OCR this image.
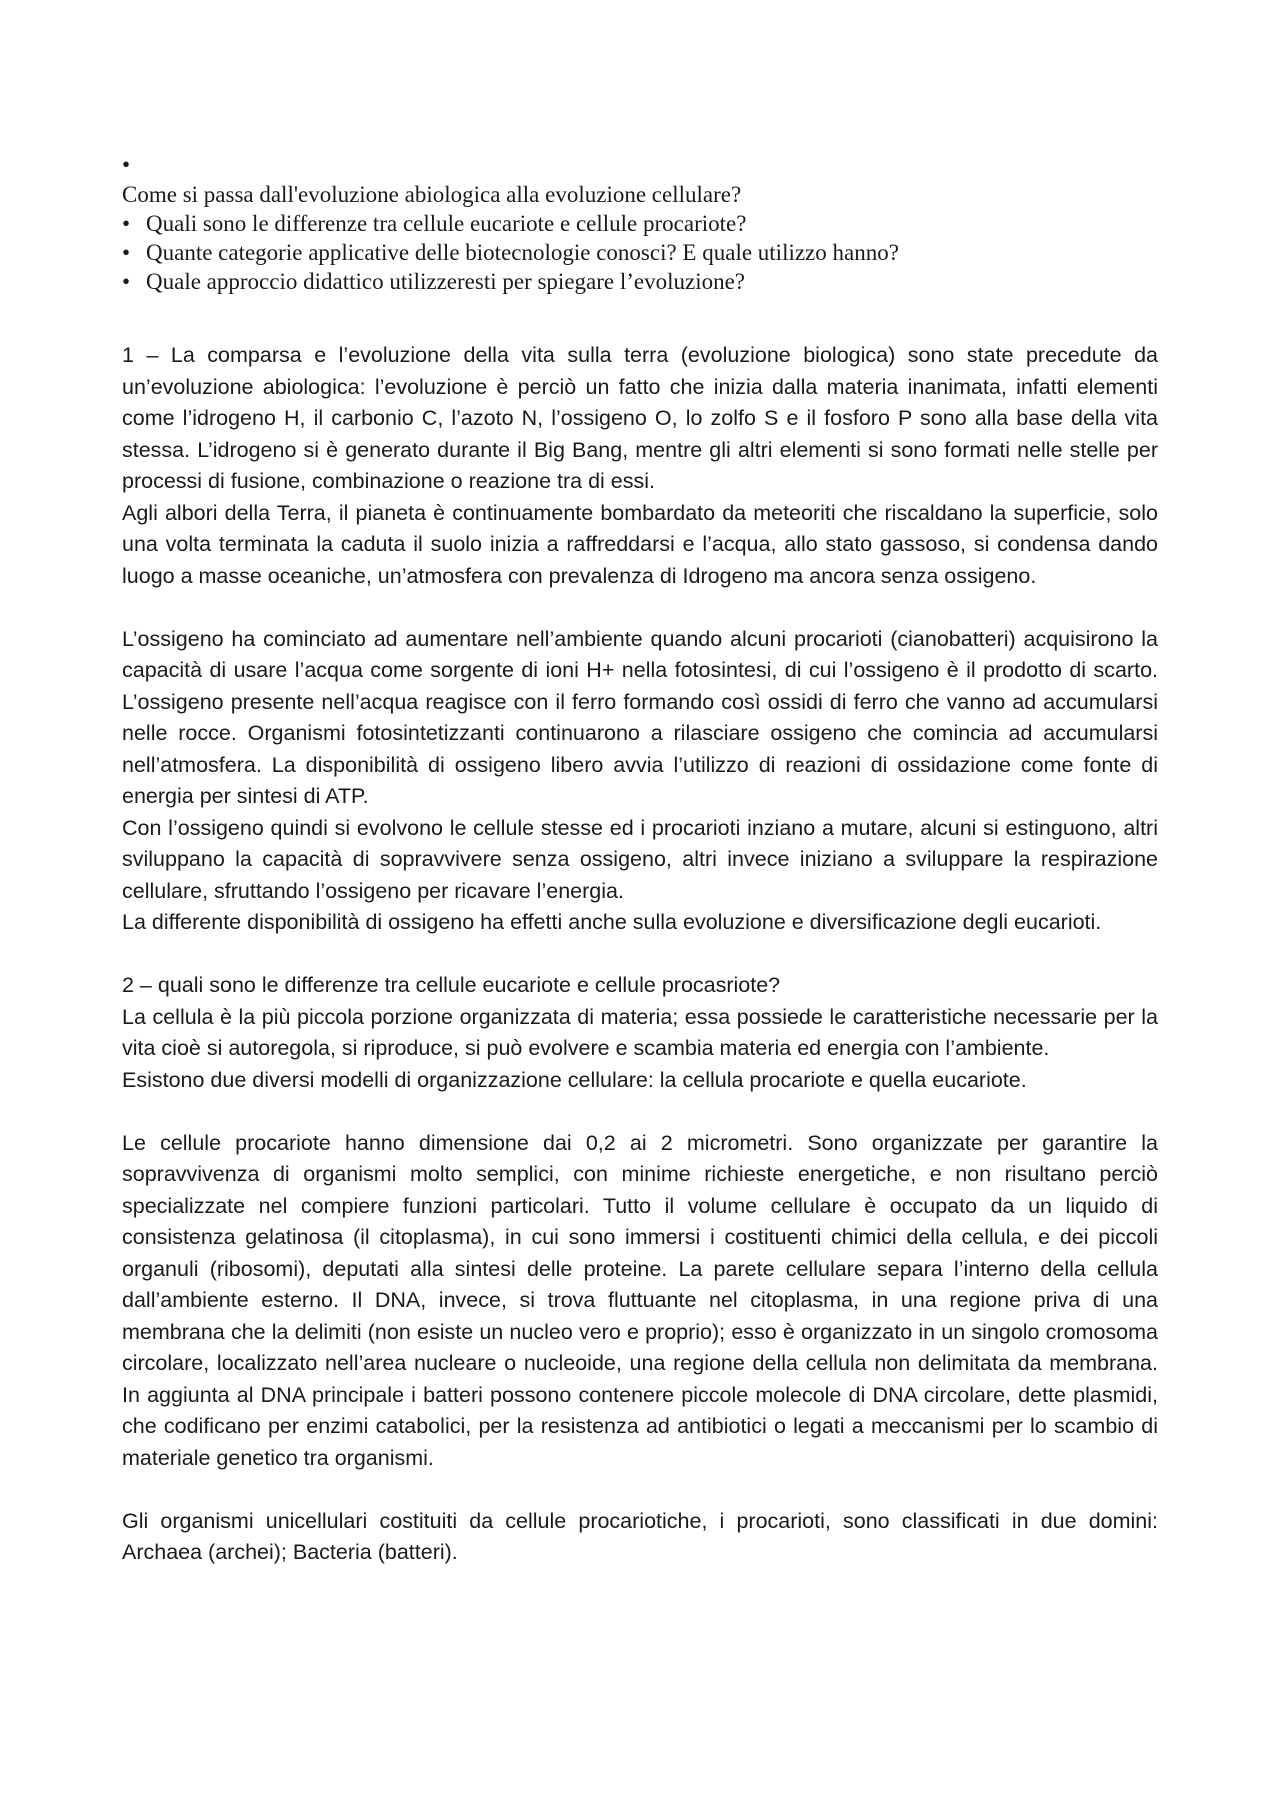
•
Come si passa dall'evoluzione abiologica alla evoluzione cellulare?
• Quali sono le differenze tra cellule eucariote e cellule procariote?
• Quante categorie applicative delle biotecnologie conosci? E quale utilizzo hanno?
• Quale approccio didattico utilizzeresti per spiegare l’evoluzione?

1 – La comparsa e l’evoluzione della vita sulla terra (evoluzione biologica) sono state precedute da un’evoluzione abiologica: l’evoluzione è perciò un fatto che inizia dalla materia inanimata, infatti elementi come l’idrogeno H, il carbonio C, l’azoto N, l’ossigeno O, lo zolfo S e il fosforo P sono alla base della vita stessa. L’idrogeno si è generato durante il Big Bang, mentre gli altri elementi si sono formati nelle stelle per processi di fusione, combinazione o reazione tra di essi.

Agli albori della Terra, il pianeta è continuamente bombardato da meteoriti che riscaldano la superficie, solo una volta terminata la caduta il suolo inizia a raffreddarsi e l’acqua, allo stato gassoso, si condensa dando luogo a masse oceaniche, un’atmosfera con prevalenza di Idrogeno ma ancora senza ossigeno.

L’ossigeno ha cominciato ad aumentare nell’ambiente quando alcuni procarioti (cianobatteri) acquisirono la capacità di usare l’acqua come sorgente di ioni H+ nella fotosintesi, di cui l’ossigeno è il prodotto di scarto. L’ossigeno presente nell’acqua reagisce con il ferro formando così ossidi di ferro che vanno ad accumularsi nelle rocce. Organismi fotosintetizzanti continuarono a rilasciare ossigeno che comincia ad accumularsi nell’atmosfera. La disponibilità di ossigeno libero avvia l’utilizzo di reazioni di ossidazione come fonte di energia per sintesi di ATP.

Con l’ossigeno quindi si evolvono le cellule stesse ed i procarioti inziano a mutare, alcuni si estinguono, altri sviluppano la capacità di sopravvivere senza ossigeno, altri invece iniziano a sviluppare la respirazione cellulare, sfruttando l’ossigeno per ricavare l’energia.

La differente disponibilità di ossigeno ha effetti anche sulla evoluzione e diversificazione degli eucarioti.

2 – quali sono le differenze tra cellule eucariote e cellule procasriote?

La cellula è la più piccola porzione organizzata di materia; essa possiede le caratteristiche necessarie per la vita cioè si autoregola, si riproduce, si può evolvere e scambia materia ed energia con l’ambiente.

Esistono due diversi modelli di organizzazione cellulare: la cellula procariote e quella eucariote.

Le cellule procariote hanno dimensione dai 0,2 ai 2 micrometri. Sono organizzate per garantire la sopravvivenza di organismi molto semplici, con minime richieste energetiche, e non risultano perciò specializzate nel compiere funzioni particolari. Tutto il volume cellulare è occupato da un liquido di consistenza gelatinosa (il citoplasma), in cui sono immersi i costituenti chimici della cellula, e dei piccoli organuli (ribosomi), deputati alla sintesi delle proteine. La parete cellulare separa l’interno della cellula dall’ambiente esterno. Il DNA, invece, si trova fluttuante nel citoplasma, in una regione priva di una membrana che la delimiti (non esiste un nucleo vero e proprio); esso è organizzato in un singolo cromosoma circolare, localizzato nell’area nucleare o nucleoide, una regione della cellula non delimitata da membrana. In aggiunta al DNA principale i batteri possono contenere piccole molecole di DNA circolare, dette plasmidi, che codificano per enzimi catabolici, per la resistenza ad antibiotici o legati a meccanismi per lo scambio di materiale genetico tra organismi.

Gli organismi unicellulari costituiti da cellule procariotiche, i procarioti, sono classificati in due domini: Archaea (archei); Bacteria (batteri).
